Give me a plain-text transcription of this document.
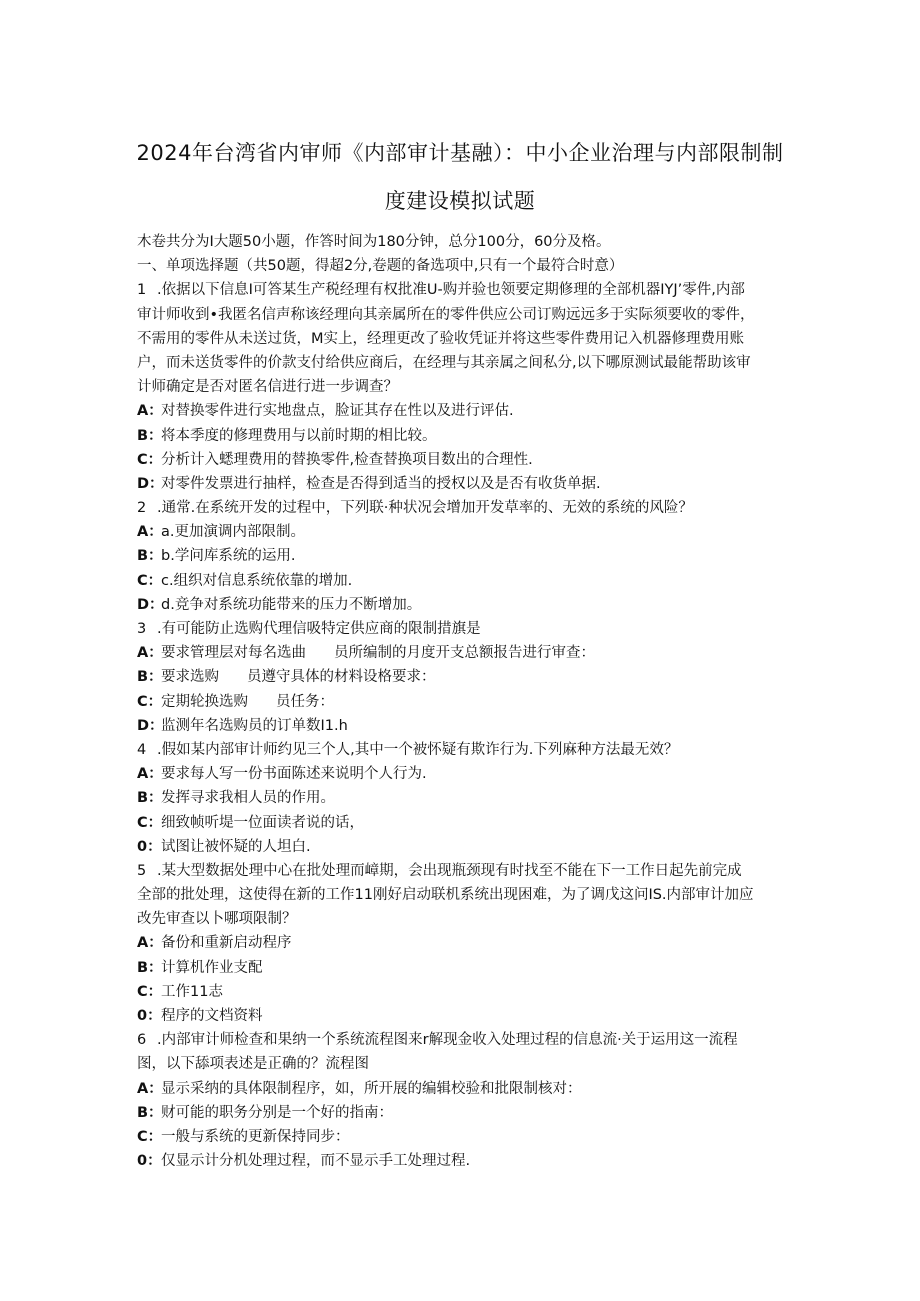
2024年台湾省内审师《内部审计基融）：中小企业治理与内部限制制
度建设模拟试题
木卷共分为I大题50小题，作答时间为180分钟，总分100分，60分及格。
一、单项选择题（共50题，得超2分,卷题的备选项中,只有一个最符合时意）
1 .依据以下信息I可答某生产税经理有权批准U-购并验也领要定期修理的全部机器IYJ’零件,内部
审计师收到•我匿名信声称该经理向其亲属所在的零件供应公司订购远远多于实际须要收的零件，
不需用的零件从未送过货，M实上，经理更改了验收凭证并将这些零件费用记入机器修理费用账
户，而未送货零件的价款支付给供应商后，在经理与其亲属之间私分,以下哪原测试最能帮助该审
计师确定是否对匿名信进行进一步调查？
A：对替换零件进行实地盘点，脸证其存在性以及进行评估.
B：将本季度的修理费用与以前时期的相比较。
C：分析计入蟋理费用的替换零件,检查替换项目数出的合理性.
D：对零件发票进行抽样，检查是否得到适当的授权以及是否有收货单据.
2 .通常.在系统开发的过程中，下列联·种状况会增加开发草率的、无效的系统的风险？
A：a.更加演调内部限制。
B：b.学问库系统的运用.
C：c.组织对信息系统依靠的增加.
D：d.竞争对系统功能带来的压力不断增加。
3 .有可能防止选购代理信吸特定供应商的限制措旗是
A：要求管理层对每名选曲 员所编制的月度开支总额报告进行审查：
B：要求选购 员遵守具体的材料设格要求：
C：定期轮换选购 员任务：
D：监测年名选购员的订单数I1.h
4 .假如某内部审计师约见三个人,其中一个被怀疑有欺诈行为.下列麻种方法最无效？
A：要求每人写一份书面陈述来说明个人行为.
B：发挥寻求我相人员的作用。
C：细致帧听堤一位面读者说的话，
0：试图让被怀疑的人坦白.
5 .某大型数据处理中心在批处理而嶂期，会出现瓶颈现有时找至不能在下一工作日起先前完成
全部的批处理，这使得在新的工作11刚好启动联机系统出现困难，为了调戊这问IS.内部审计加应
改先审查以卜哪项限制？
A：备份和重新启动程序
B：计算机作业支配
C：工作11志
0：程序的文档资料
6 .内部审计师检查和果纳一个系统流程图来r解现金收入处理过程的信息流·关于运用这一流程
图，以下舔项表述是正确的？流程图
A：显示采纳的具体限制程序，如，所开展的编辑校验和批限制核对：
B：财可能的职务分别是一个好的指南：
C：一般与系统的更新保持同步：
0：仅显示计分机处理过程，而不显示手工处理过程.
